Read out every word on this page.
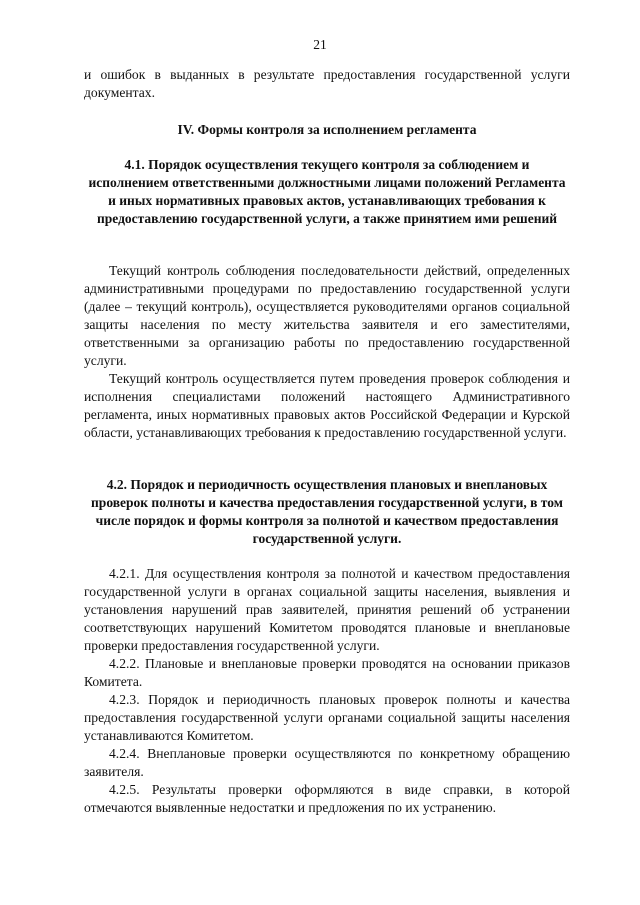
21

и ошибок в выданных в результате предоставления государственной услуги документах.

IV. Формы контроля за исполнением регламента

4.1. Порядок осуществления текущего контроля за соблюдением и исполнением ответственными должностными лицами положений Регламента и иных нормативных правовых актов, устанавливающих требования к предоставлению государственной услуги, а также принятием ими решений

Текущий контроль соблюдения последовательности действий, определенных административными процедурами по предоставлению государственной услуги (далее – текущий контроль), осуществляется руководителями органов социальной защиты населения по месту жительства заявителя и его заместителями, ответственными за организацию работы по предоставлению государственной услуги.

Текущий контроль осуществляется путем проведения проверок соблюдения и исполнения специалистами положений настоящего Административного регламента, иных нормативных правовых актов Российской Федерации и Курской области, устанавливающих требования к предоставлению государственной услуги.

4.2. Порядок и периодичность осуществления плановых и внеплановых проверок полноты и качества предоставления государственной услуги, в том числе порядок и формы контроля за полнотой и качеством предоставления государственной услуги.

4.2.1. Для осуществления контроля за полнотой и качеством предоставления государственной услуги в органах социальной защиты населения, выявления и установления нарушений прав заявителей, принятия решений об устранении соответствующих нарушений Комитетом проводятся плановые и внеплановые проверки предоставления государственной услуги.

4.2.2. Плановые и внеплановые проверки проводятся на основании приказов Комитета.

4.2.3. Порядок и периодичность плановых проверок полноты и качества предоставления государственной услуги органами социальной защиты населения устанавливаются Комитетом.

4.2.4. Внеплановые проверки осуществляются по конкретному обращению заявителя.

4.2.5. Результаты проверки оформляются в виде справки, в которой отмечаются выявленные недостатки и предложения по их устранению.
